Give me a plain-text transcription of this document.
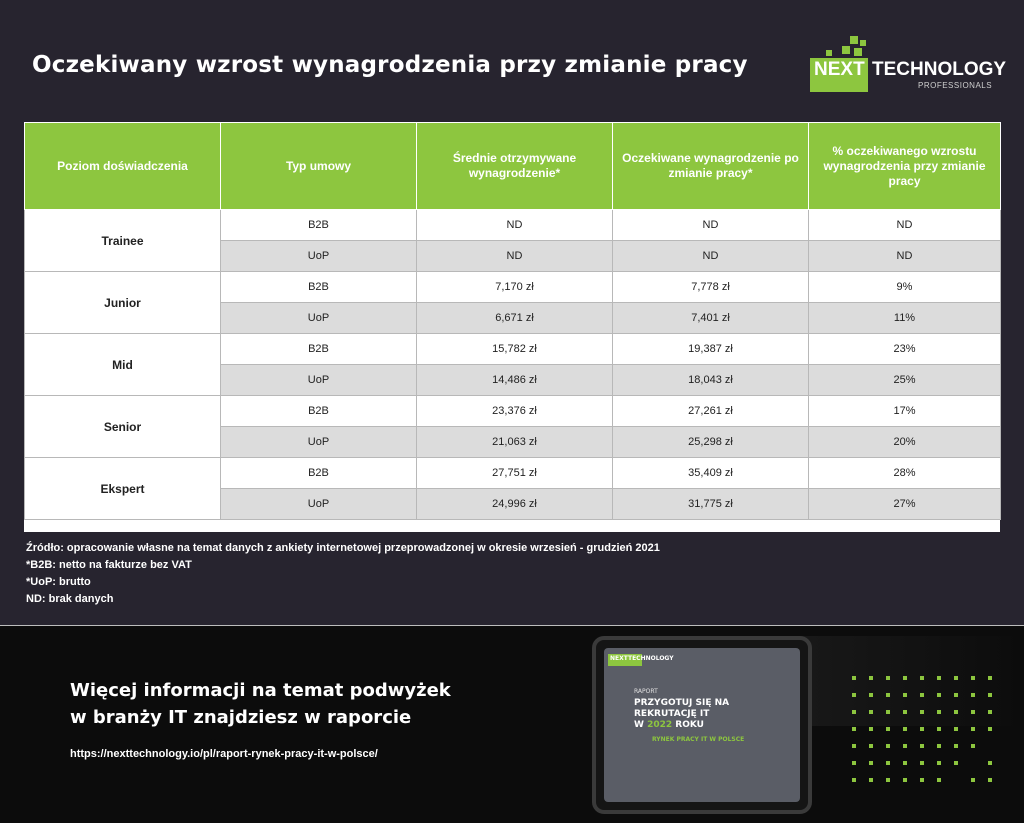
Oczekiwany wzrost wynagrodzenia przy zmianie pracy	NEXT TECHNOLOGY
PROFESSIONALS
Poziom doświadczenia	Typ umowy	Średnie otrzymywane wynagrodzenie*	Oczekiwane wynagrodzenie po zmianie pracy*	% oczekiwanego wzrostu wynagrodzenia przy zmianie pracy
Trainee	B2B	ND	ND	ND
	UoP	ND	ND	ND
Junior	B2B	7,170 zł	7,778 zł	9%
	UoP	6,671 zł	7,401 zł	11%
Mid	B2B	15,782 zł	19,387 zł	23%
	UoP	14,486 zł	18,043 zł	25%
Senior	B2B	23,376 zł	27,261 zł	17%
	UoP	21,063 zł	25,298 zł	20%
Ekspert	B2B	27,751 zł	35,409 zł	28%
	UoP	24,996 zł	31,775 zł	27%
Źródło: opracowanie własne na temat danych z ankiety internetowej przeprowadzonej w okresie wrzesień - grudzień 2021
*B2B: netto na fakturze bez VAT
*UoP: brutto
ND: brak danych
Więcej informacji na temat podwyżek
w branży IT znajdziesz w raporcie
https://nexttechnology.io/pl/raport-rynek-pracy-it-w-polsce/
NEXTTECHNOLOGY
RAPORT
PRZYGOTUJ SIĘ NA
REKRUTACJĘ IT
W 2022 ROKU
RYNEK PRACY IT W POLSCE
